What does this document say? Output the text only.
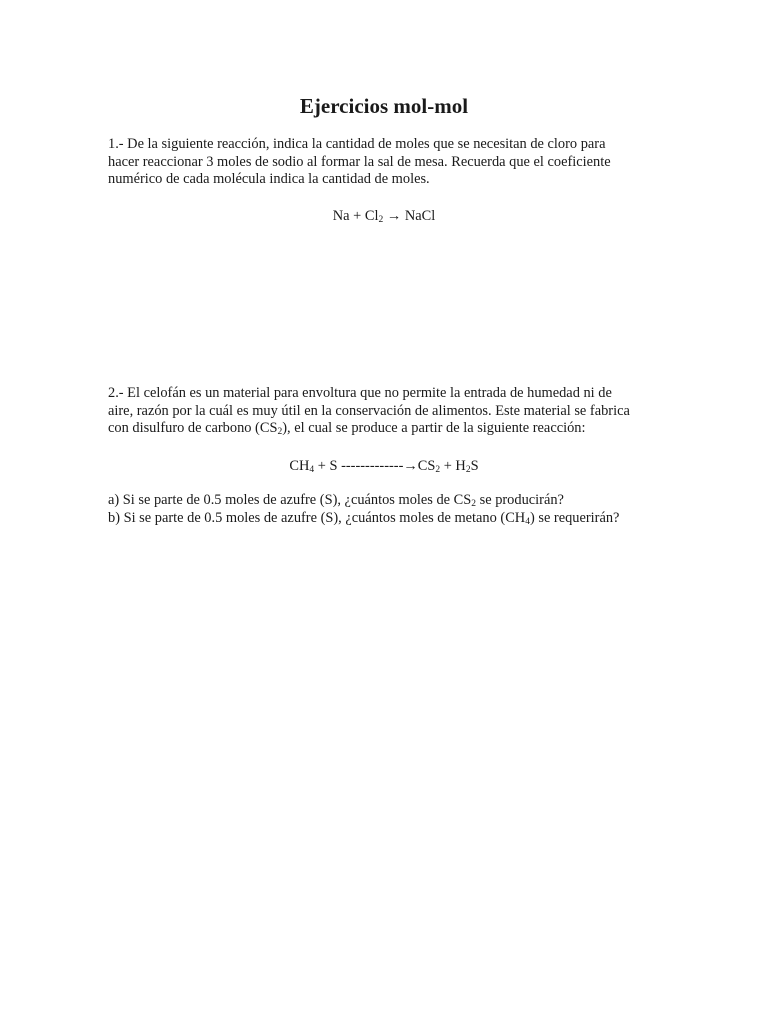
Ejercicios mol-mol

1.- De la siguiente reacción, indica la cantidad de moles que se necesitan de cloro para
hacer reaccionar 3 moles de sodio al formar la sal de mesa. Recuerda que el coeficiente
numérico de cada molécula indica la cantidad de moles.

$Na + Cl_2$ → NaCl

2.- El celofán es un material para envoltura que no permite la entrada de humedad ni de
aire, razón por la cuál es muy útil en la conservación de alimentos. Este material se fabrica
con disulfuro de carbono $(CS_2)$, el cual se produce a partir de la siguiente reacción:

$CH_4 + S$ $-------------\to CS_2 + H_2S$

a) Si se parte de 0.5 moles de azufre (S), ¿cuántos moles de $CS_2$ se producirán?

b) Si se parte de 0.5 moles de azufre (S), ¿cuántos moles de metano $(CH_4)$ se requerirán?
